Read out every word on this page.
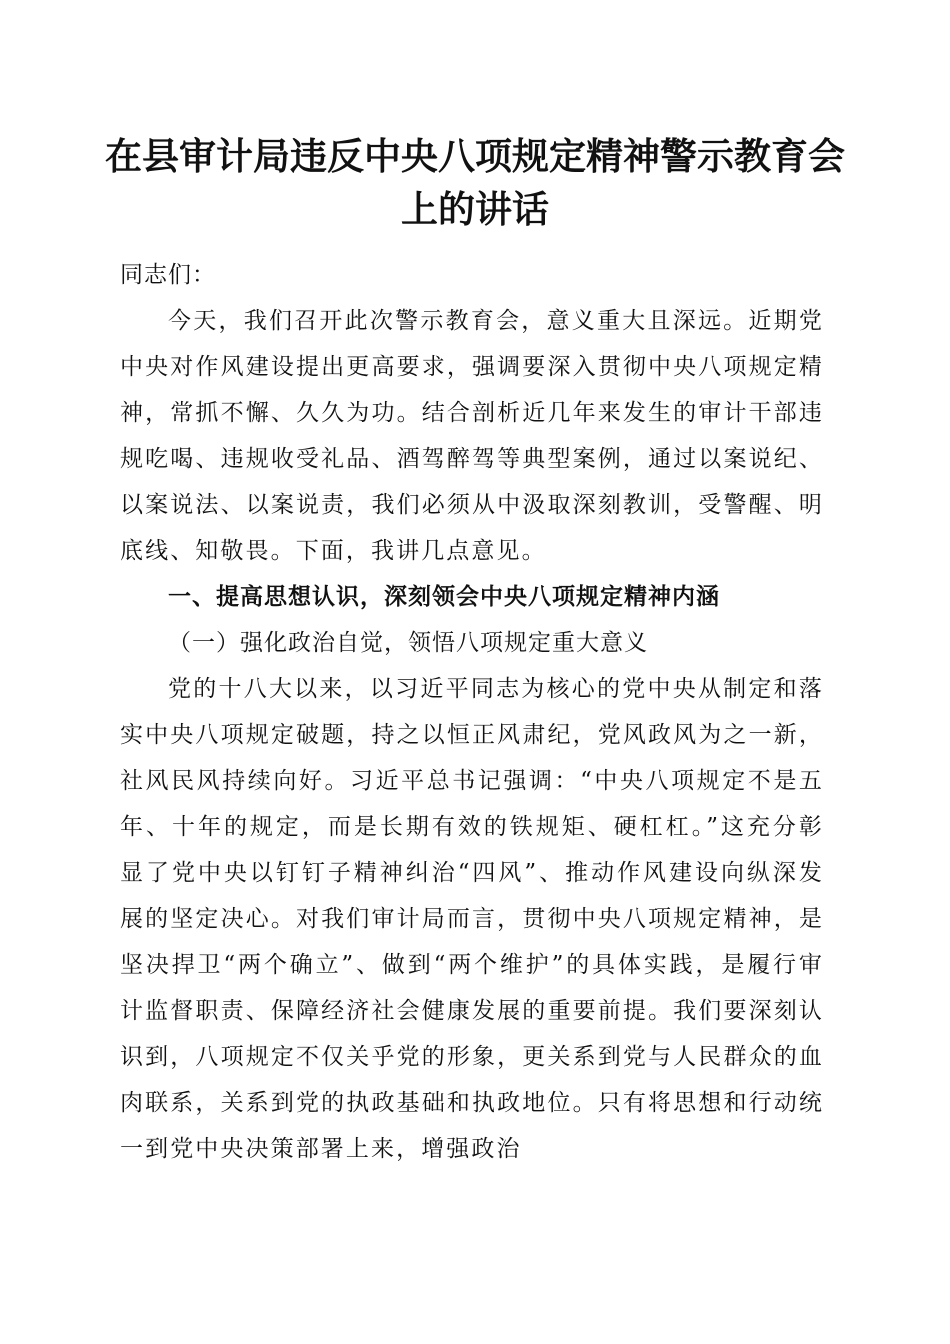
在县审计局违反中央八项规定精神警示教育会上的讲话

同志们：

今天，我们召开此次警示教育会，意义重大且深远。近期党中央对作风建设提出更高要求，强调要深入贯彻中央八项规定精神，常抓不懈、久久为功。结合剖析近几年来发生的审计干部违规吃喝、违规收受礼品、酒驾醉驾等典型案例，通过以案说纪、以案说法、以案说责，我们必须从中汲取深刻教训，受警醒、明底线、知敬畏。下面，我讲几点意见。

一、提高思想认识，深刻领会中央八项规定精神内涵

（一）强化政治自觉，领悟八项规定重大意义

党的十八大以来，以习近平同志为核心的党中央从制定和落实中央八项规定破题，持之以恒正风肃纪，党风政风为之一新，社风民风持续向好。习近平总书记强调：“中央八项规定不是五年、十年的规定，而是长期有效的铁规矩、硬杠杠。”这充分彰显了党中央以钉钉子精神纠治“四风”、推动作风建设向纵深发展的坚定决心。对我们审计局而言，贯彻中央八项规定精神，是坚决捍卫“两个确立”、做到“两个维护”的具体实践，是履行审计监督职责、保障经济社会健康发展的重要前提。我们要深刻认识到，八项规定不仅关乎党的形象，更关系到党与人民群众的血肉联系，关系到党的执政基础和执政地位。只有将思想和行动统一到党中央决策部署上来，增强政治
